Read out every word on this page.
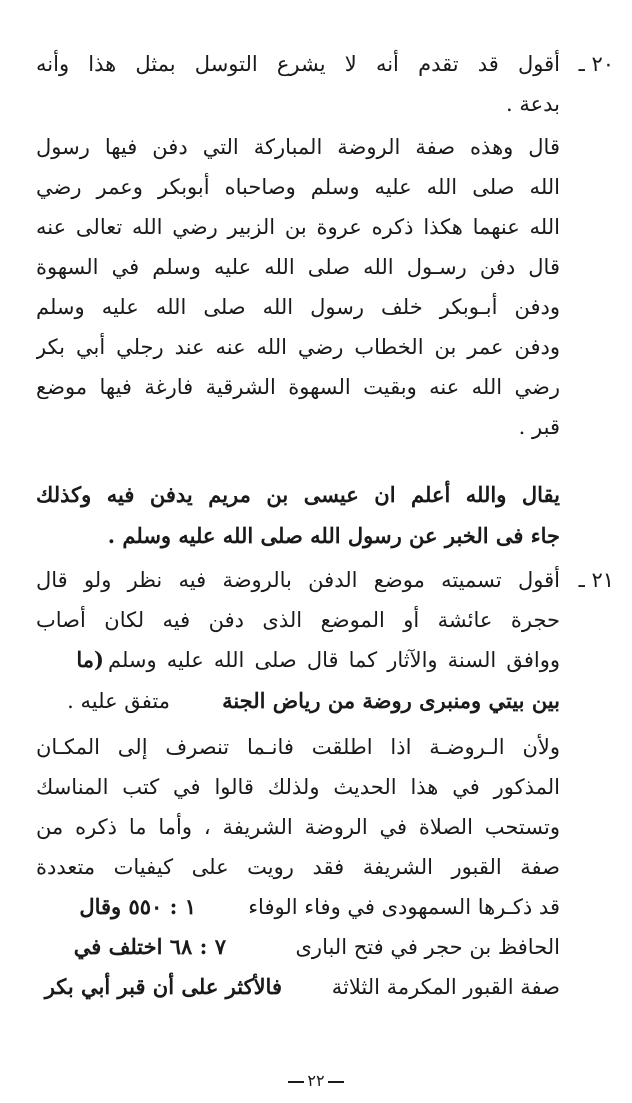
٢٠ ـ
أقول قد تقدم أنه لا يشرع التوسل بمثل هذا وأنه
بدعة .
قال وهذه صفة الروضة المباركة التي دفن فيها رسول
الله صلى الله عليه وسلم وصاحباه أبوبكر وعمر رضي
الله عنهما هكذا ذكره عروة بن الزبير رضي الله تعالى عنه
قال دفن رسـول الله صلى الله عليه وسلم في السهوة
ودفن أبـوبكر خلف رسول الله صلى الله عليه وسلم
ودفن عمر بن الخطاب رضي الله عنه عند رجلي أبي بكر
رضي الله عنه وبقيت السهوة الشرقية فارغة فيها موضع
قبر .
يقال والله أعلم ان عيسى بن مريم يدفن فيه وكذلك
جاء فى الخبر عن رسول الله صلى الله عليه وسلم .
٢١ ـ
أقول تسميته موضع الدفن بالروضة فيه نظر ولو قال
حجرة عائشة أو الموضع الذى دفن فيه لكان أصاب
ووافق السنة والآثار كما قال صلى الله عليه وسلم
(ما
بين بيتي ومنبرى روضة من رياض الجنة
متفق عليه .
ولأن الـروضـة اذا اطلقت فانـما تنصرف إلى المكـان
المذكور في هذا الحديث ولذلك قالوا في كتب المناسك
وتستحب الصلاة في الروضة الشريفة ، وأما ما ذكره من
صفة القبور الشريفة فقد رويت على كيفيات متعددة
قد ذكـرها السمهودى في وفاء الوفاء
١ : ٥٥٠ وقال
الحافظ بن حجر في فتح البارى
٧ : ٦٨ اختلف في
صفة القبور المكرمة الثلاثة
فالأكثر على أن قبر أبي بكر
٢٢
